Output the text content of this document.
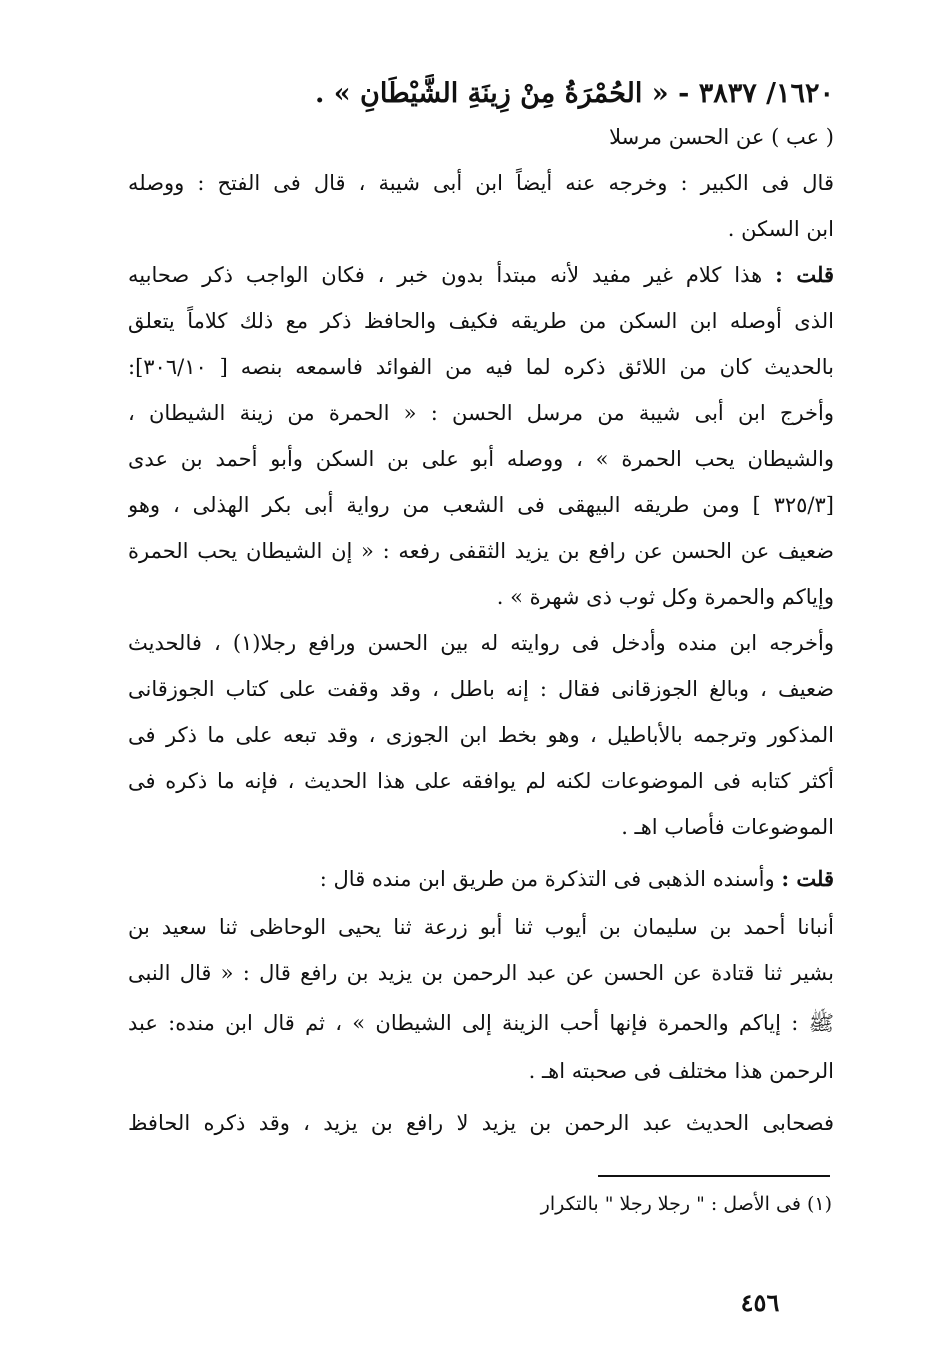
١٦٢٠/ ٣٨٣٧ - « الحُمْرَةُ مِنْ زِينَةِ الشَّيْطَانِ » .
( عب ) عن الحسن مرسلا
قال فى الكبير : وخرجه عنه أيضاً ابن أبى شيبة ، قال فى الفتح : ووصله
ابن السكن .
قلت : هذا كلام غير مفيد لأنه مبتدأ بدون خبر ، فكان الواجب ذكر صحابيه
الذى أوصله ابن السكن من طريقه فكيف والحافظ ذكر مع ذلك كلاماً يتعلق
بالحديث كان من اللائق ذكره لما فيه من الفوائد فاسمعه بنصه [ ٣٠٦/١٠]:
وأخرج ابن أبى شيبة من مرسل الحسن : « الحمرة من زينة الشيطان ،
والشيطان يحب الحمرة » ، ووصله أبو على بن السكن وأبو أحمد بن عدى
[٣٢٥/٣ ] ومن طريقه البيهقى فى الشعب من رواية أبى بكر الهذلى ، وهو
ضعيف عن الحسن عن رافع بن يزيد الثقفى رفعه : « إن الشيطان يحب الحمرة
وإياكم والحمرة وكل ثوب ذى شهرة » .
وأخرجه ابن منده وأدخل فى روايته له بين الحسن ورافع رجلا(١) ، فالحديث
ضعيف ، وبالغ الجوزقانى فقال : إنه باطل ، وقد وقفت على كتاب الجوزقانى
المذكور وترجمه بالأباطيل ، وهو بخط ابن الجوزى ، وقد تبعه على ما ذكر فى
أكثر كتابه فى الموضوعات لكنه لم يوافقه على هذا الحديث ، فإنه ما ذكره فى
الموضوعات فأصاب اهـ .
قلت : وأسنده الذهبى فى التذكرة من طريق ابن منده قال :
أنبانا أحمد بن سليمان بن أيوب ثنا أبو زرعة ثنا يحيى الوحاظى ثنا سعيد بن
بشير ثنا قتادة عن الحسن عن عبد الرحمن بن يزيد بن رافع قال : « قال النبى
ﷺ : إياكم والحمرة فإنها أحب الزينة إلى الشيطان » ، ثم قال ابن منده: عبد
الرحمن هذا مختلف فى صحبته اهـ .
فصحابى الحديث عبد الرحمن بن يزيد لا رافع بن يزيد ، وقد ذكره الحافظ
(١) فى الأصل : " رجلا رجلا " بالتكرار
٤٥٦
